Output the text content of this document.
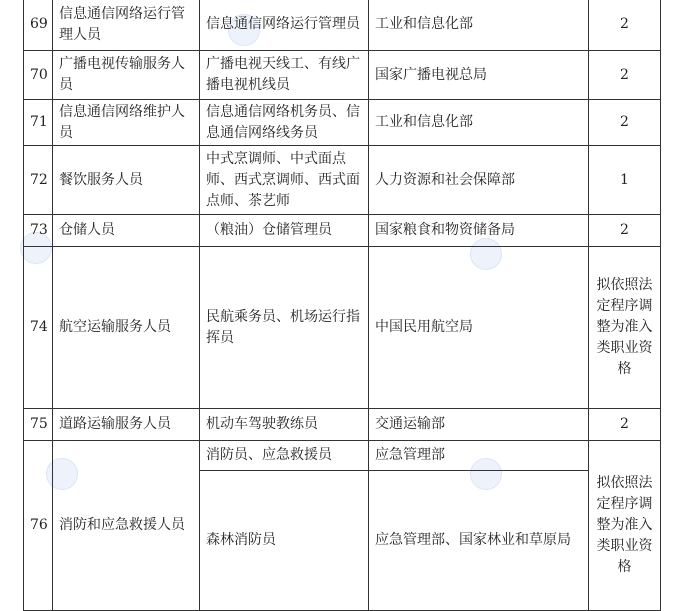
69	信息通信网络运行管理人员	信息通信网络运行管理员	工业和信息化部	2
70	广播电视传输服务人员	广播电视天线工、有线广播电视机线员	国家广播电视总局	2
71	信息通信网络维护人员	信息通信网络机务员、信息通信网络线务员	工业和信息化部	2
72	餐饮服务人员	中式烹调师、中式面点师、西式烹调师、西式面点师、茶艺师	人力资源和社会保障部	1
73	仓储人员	（粮油）仓储管理员	国家粮食和物资储备局	2
74	航空运输服务人员	民航乘务员、机场运行指挥员	中国民用航空局	拟依照法定程序调整为准入类职业资格
75	道路运输服务人员	机动车驾驶教练员	交通运输部	2
76	消防和应急救援人员	消防员、应急救援员	应急管理部	拟依照法定程序调整为准入类职业资格
		森林消防员	应急管理部、国家林业和草原局	
